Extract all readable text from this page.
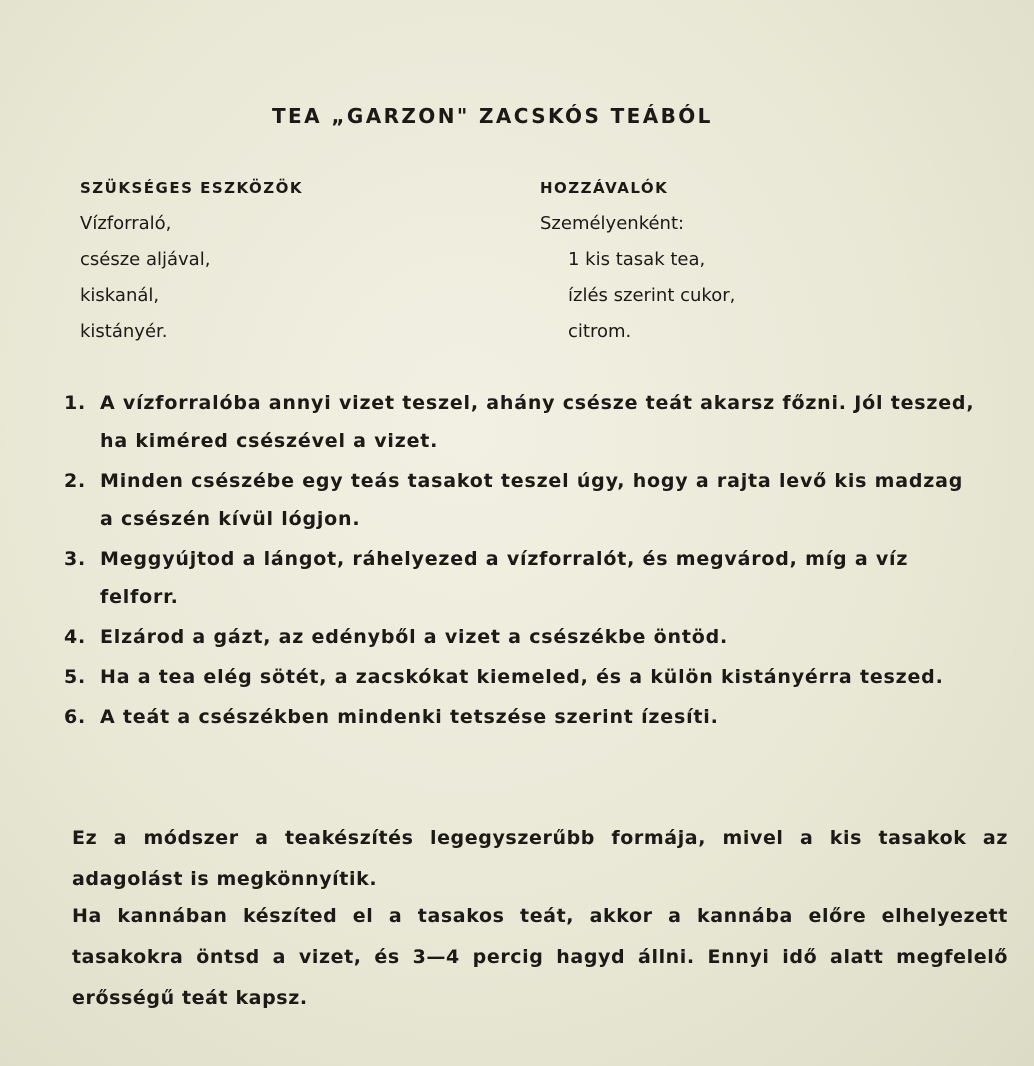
TEA „GARZON" ZACSKÓS TEÁBÓL
SZÜKSÉGES ESZKÖZÖK
Vízforraló,
csésze aljával,
kiskanál,
kistányér.
HOZZÁVALÓK
Személyenként:
1 kis tasak tea,
ízlés szerint cukor,
citrom.
1. A vízforralóba annyi vizet teszel, ahány csésze teát akarsz főzni. Jól teszed, ha kiméred csészével a vizet.
2. Minden csészébe egy teás tasakot teszel úgy, hogy a rajta levő kis madzag a csészén kívül lógjon.
3. Meggyújtod a lángot, ráhelyezed a vízforralót, és megvárod, míg a víz felforr.
4. Elzárod a gázt, az edényből a vizet a csészékbe öntöd.
5. Ha a tea elég sötét, a zacskókat kiemeled, és a külön kistányérra teszed.
6. A teát a csészékben mindenki tetszése szerint ízesíti.
Ez a módszer a teakészítés legegyszerűbb formája, mivel a kis tasakok az adagolást is megkönnyítik.
Ha kannában készíted el a tasakos teát, akkor a kannába előre elhelyezett tasakokra öntsd a vizet, és 3—4 percig hagyd állni. Ennyi idő alatt megfelelő erősségű teát kapsz.
